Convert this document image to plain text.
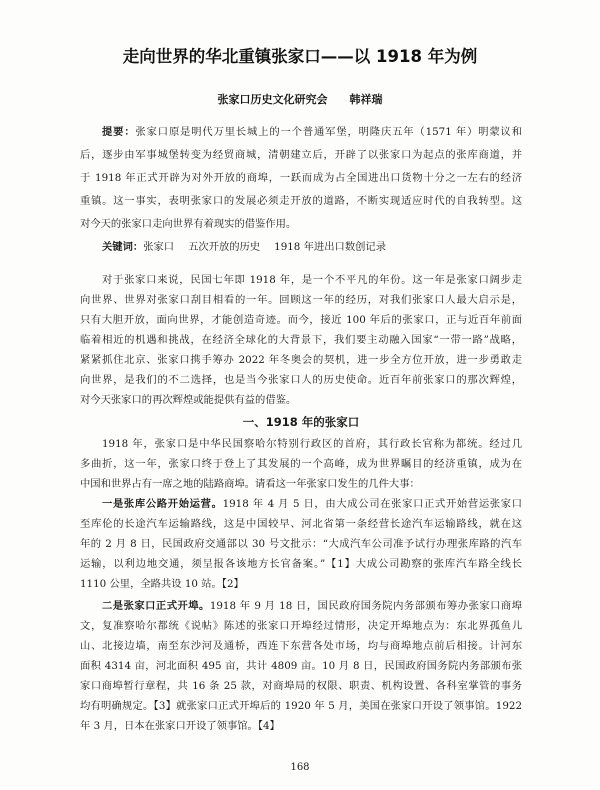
走向世界的华北重镇张家口——以 1918 年为例
张家口历史文化研究会 韩祥瑞
提要：张家口原是明代万里长城上的一个普通军堡，明隆庆五年（1571 年）明蒙议和
后，逐步由军事城堡转变为经贸商城，清朝建立后，开辟了以张家口为起点的张库商道，并
于 1918 年正式开辟为对外开放的商埠，一跃而成为占全国进出口货物十分之一左右的经济
重镇。这一事实，表明张家口的发展必须走开放的道路，不断实现适应时代的自我转型。这
对今天的张家口走向世界有着现实的借鉴作用。
关键词：张家口 五次开放的历史 1918 年进出口数创记录
对于张家口来说，民国七年即 1918 年，是一个不平凡的年份。这一年是张家口阔步走
向世界、世界对张家口刮目相看的一年。回顾这一年的经历，对我们张家口人最大启示是，
只有大胆开放，面向世界，才能创造奇迹。而今，接近 100 年后的张家口，正与近百年前面
临着相近的机遇和挑战，在经济全球化的大背景下，我们要主动融入国家“一带一路”战略，
紧紧抓住北京、张家口携手筹办 2022 年冬奥会的契机，进一步全方位开放，进一步勇敢走
向世界，是我们的不二选择，也是当今张家口人的历史使命。近百年前张家口的那次辉煌，
对今天张家口的再次辉煌或能提供有益的借鉴。
一、1918 年的张家口
1918 年，张家口是中华民国察哈尔特别行政区的首府，其行政长官称为都统。经过几
多曲折，这一年，张家口终于登上了其发展的一个高峰，成为世界瞩目的经济重镇，成为在
中国和世界占有一席之地的陆路商埠。请看这一年张家口发生的几件大事：
一是张库公路开始运营。1918 年 4 月 5 日，由大成公司在张家口正式开始营运张家口
至库伦的长途汽车运输路线，这是中国较早、河北省第一条经营长途汽车运输路线，就在这
年的 2 月 8 日，民国政府交通部以 30 号文批示：“大成汽车公司准予试行办理张库路的汽车
运输，以利边地交通，须呈报各该地方长官备案。”【1】大成公司勘察的张库汽车路全线长
1110 公里，全路共设 10 站。【2】
二是张家口正式开埠。1918 年 9 月 18 日，国民政府国务院内务部颁布筹办张家口商埠
文，复准察哈尔都统《说帖》陈述的张家口开埠经过情形，决定开埠地点为：东北界孤鱼儿
山、北接边墙，南至东沙河及通桥，西连下东营各处市场，均与商埠地点前后相接。计河东
面积 4314 亩，河北面积 495 亩，共计 4809 亩。10 月 8 日，民国政府国务院内务部颁布张
家口商埠暂行章程，共 16 条 25 款，对商埠局的权限、职责、机构设置、各科室掌管的事务
均有明确规定。【3】就张家口正式开埠后的 1920 年 5 月，美国在张家口开设了领事馆。1922
年 3 月，日本在张家口开设了领事馆。【4】
168
